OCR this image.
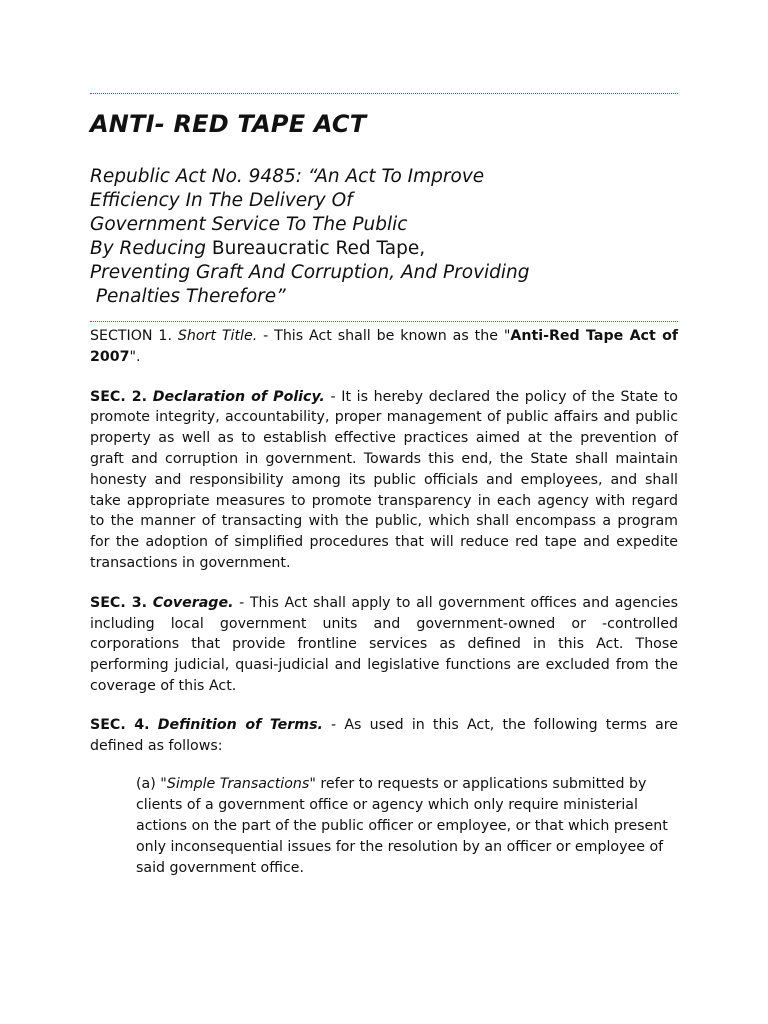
ANTI- RED TAPE ACT
Republic Act No. 9485: “An Act To Improve
Efficiency In The Delivery Of
Government Service To The Public
By Reducing Bureaucratic Red Tape,
Preventing Graft And Corruption, And Providing
Penalties Therefore”

SECTION 1. Short Title. - This Act shall be known as the "Anti-Red Tape Act of 2007".

SEC. 2. Declaration of Policy. - It is hereby declared the policy of the State to promote integrity, accountability, proper management of public affairs and public property as well as to establish effective practices aimed at the prevention of graft and corruption in government. Towards this end, the State shall maintain honesty and responsibility among its public officials and employees, and shall take appropriate measures to promote transparency in each agency with regard to the manner of transacting with the public, which shall encompass a program for the adoption of simplified procedures that will reduce red tape and expedite transactions in government.

SEC. 3. Coverage. - This Act shall apply to all government offices and agencies including local government units and government-owned or -controlled corporations that provide frontline services as defined in this Act. Those performing judicial, quasi-judicial and legislative functions are excluded from the coverage of this Act.

SEC. 4. Definition of Terms. - As used in this Act, the following terms are defined as follows:

(a) "Simple Transactions" refer to requests or applications submitted by clients of a government office or agency which only require ministerial actions on the part of the public officer or employee, or that which present only inconsequential issues for the resolution by an officer or employee of said government office.
